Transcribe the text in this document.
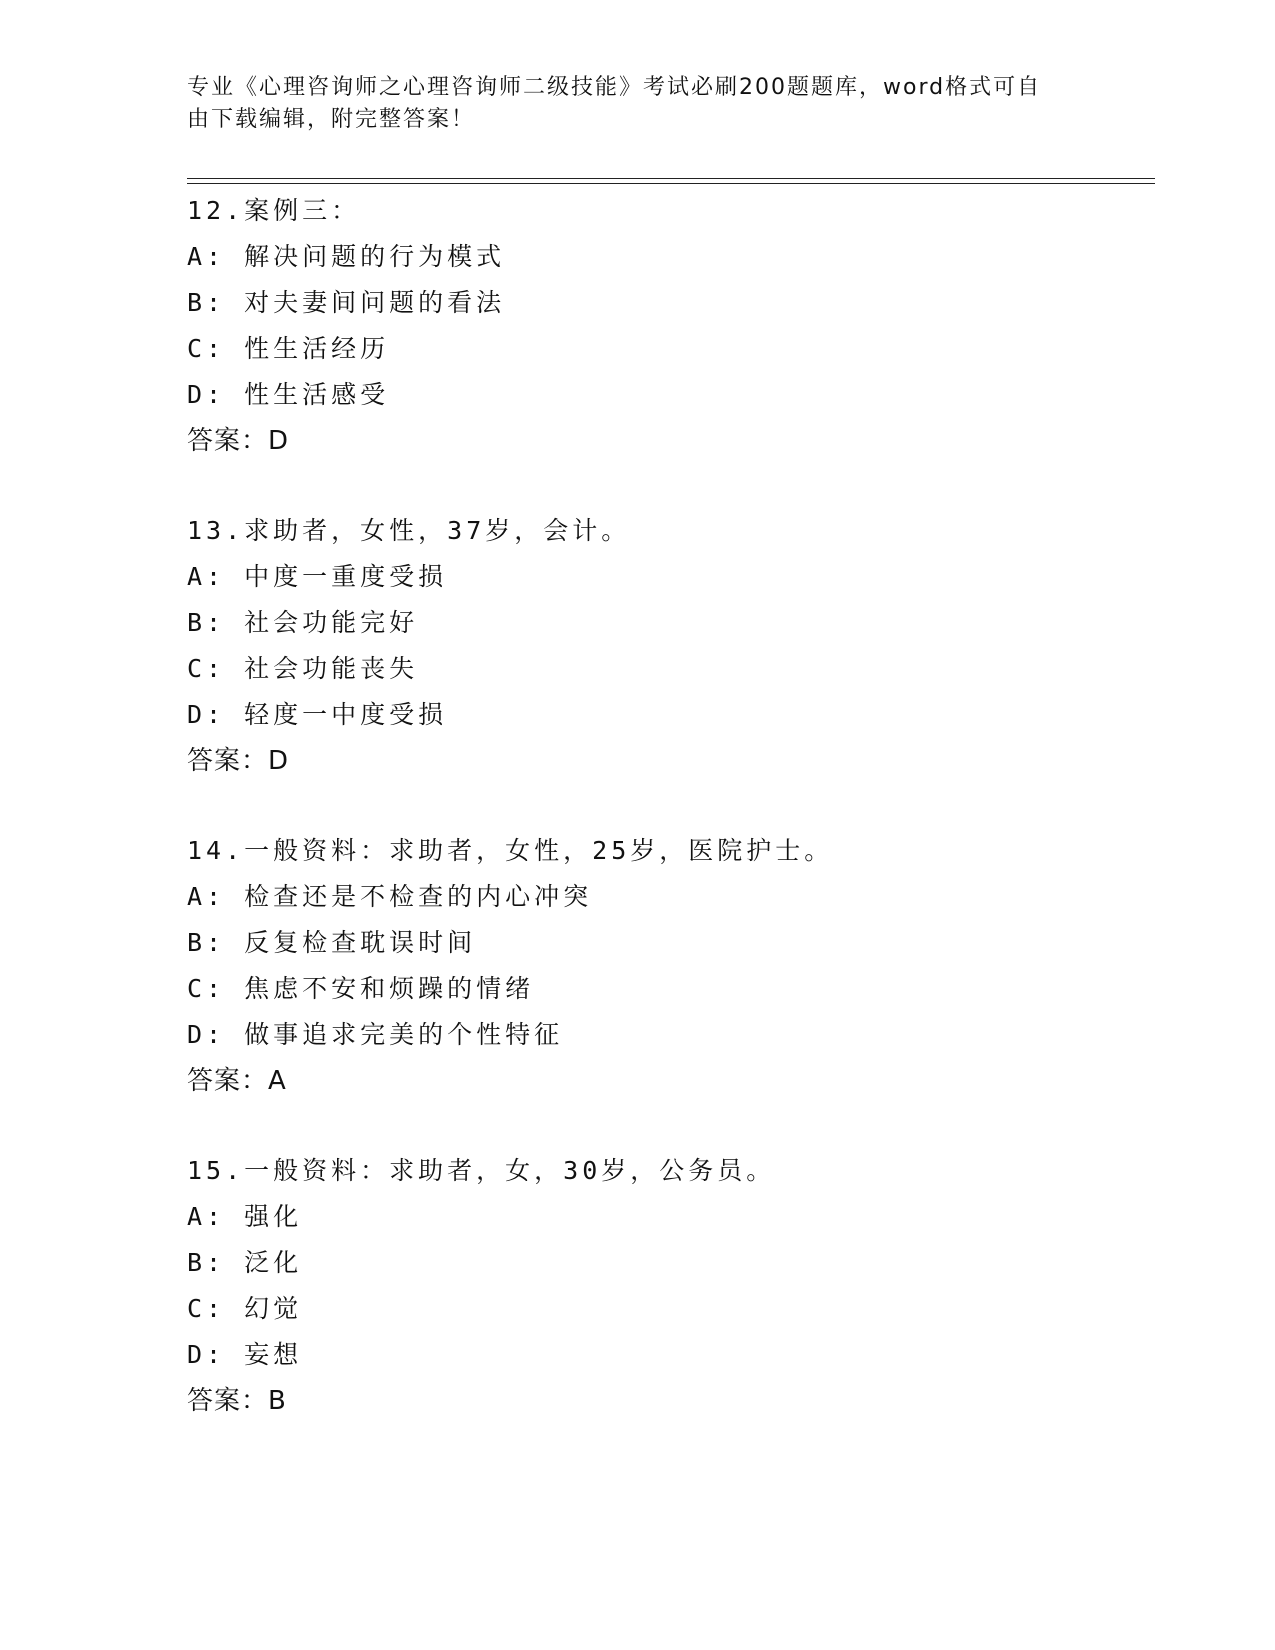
专业《心理咨询师之心理咨询师二级技能》考试必刷200题题库，word格式可自
由下载编辑，附完整答案！
12.案例三：
A: 解决问题的行为模式
B: 对夫妻间问题的看法
C: 性生活经历
D: 性生活感受
答案：D
13.求助者，女性，37岁，会计。
A: 中度一重度受损
B: 社会功能完好
C: 社会功能丧失
D: 轻度一中度受损
答案：D
14.一般资料：求助者，女性，25岁，医院护士。
A: 检查还是不检查的内心冲突
B: 反复检查耽误时间
C: 焦虑不安和烦躁的情绪
D: 做事追求完美的个性特征
答案：A
15.一般资料：求助者，女，30岁，公务员。
A: 强化
B: 泛化
C: 幻觉
D: 妄想
答案：B
